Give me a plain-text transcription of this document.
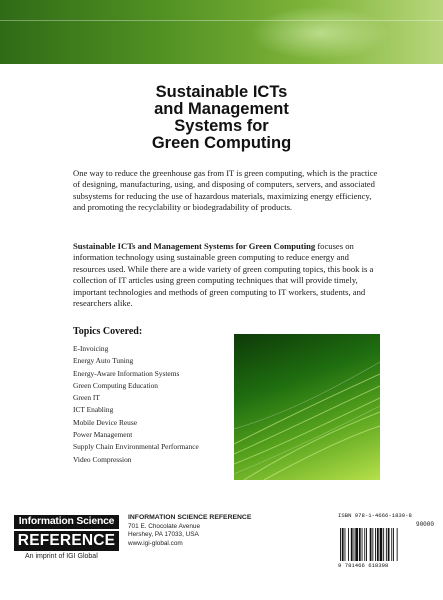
Sustainable ICTs
and Management
Systems for
Green Computing
One way to reduce the greenhouse gas from IT is green computing, which is the practice of designing, manufacturing, using, and disposing of computers, servers, and associated subsystems for reducing the use of hazardous materials, maximizing energy efficiency, and promoting the recyclability or biodegradability of products.
Sustainable ICTs and Management Systems for Green Computing focuses on information technology using sustainable green computing to reduce energy and resources used. While there are a wide variety of green computing topics, this book is a collection of IT articles using green computing techniques that will provide timely, important technologies and methods of green computing to IT workers, students, and researchers alike.
Topics Covered:
E-Invoicing
Energy Auto Tuning
Energy-Aware Information Systems
Green Computing Education
Green IT
ICT Enabling
Mobile Device Reuse
Power Management
Supply Chain Environmental Performance
Video Compression
Information Science
REFERENCE
An imprint of IGI Global
INFORMATION SCIENCE REFERENCE
701 E. Chocolate Avenue
Hershey, PA 17033, USA
www.igi-global.com
ISBN 978-1-4666-1839-8
90000
9 781466 618398
